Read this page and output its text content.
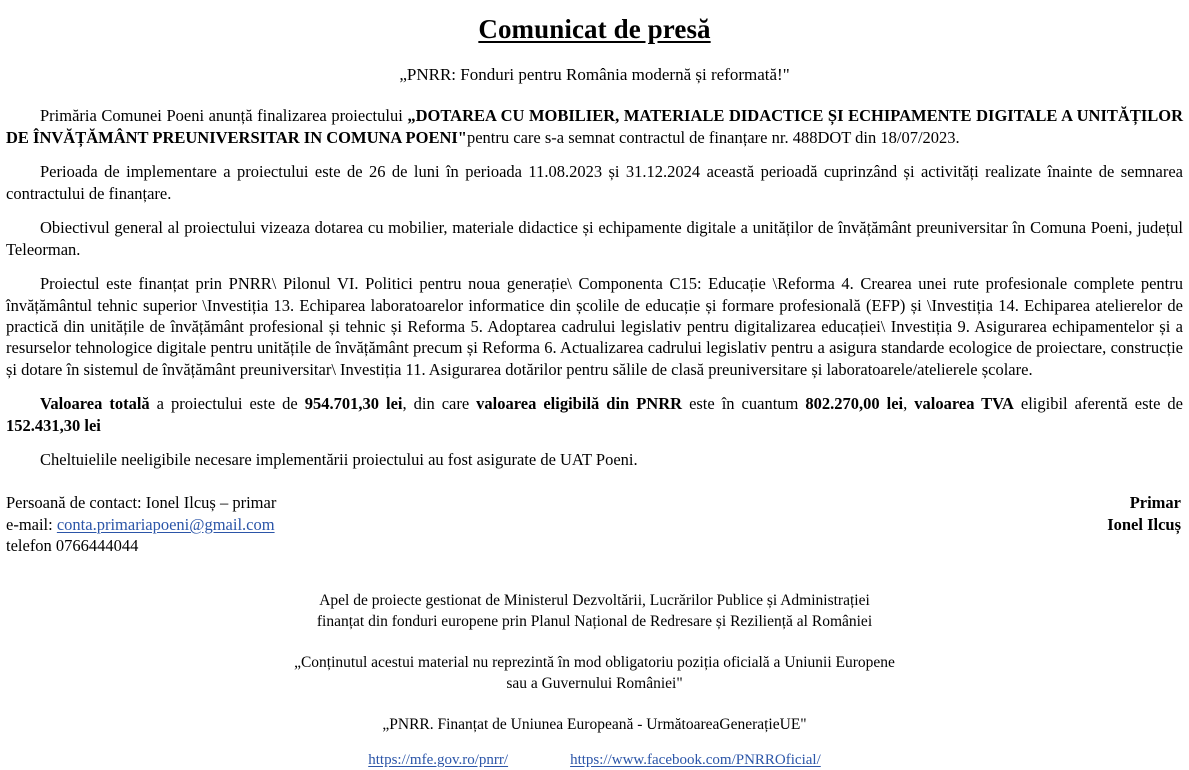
Comunicat de presă
„PNRR: Fonduri pentru România modernă și reformată!"

Primăria Comunei Poeni anunță finalizarea proiectului „DOTAREA CU MOBILIER, MATERIALE DIDACTICE ȘI ECHIPAMENTE DIGITALE A UNITĂȚILOR DE ÎNVĂȚĂMÂNT PREUNIVERSITAR IN COMUNA POENI"pentru care s-a semnat contractul de finanțare nr. 488DOT din 18/07/2023.

Perioada de implementare a proiectului este de 26 de luni în perioada 11.08.2023 și 31.12.2024 această perioadă cuprinzând și activități realizate înainte de semnarea contractului de finanțare.

Obiectivul general al proiectului vizeaza dotarea cu mobilier, materiale didactice și echipamente digitale a unităților de învățământ preuniversitar în Comuna Poeni, județul Teleorman.

Proiectul este finanțat prin PNRR\ Pilonul VI. Politici pentru noua generație\ Componenta C15: Educație \Reforma 4. Crearea unei rute profesionale complete pentru învățământul tehnic superior \Investiția 13. Echiparea laboratoarelor informatice din școlile de educație și formare profesională (EFP) și \Investiția 14. Echiparea atelierelor de practică din unitățile de învățământ profesional și tehnic și Reforma 5. Adoptarea cadrului legislativ pentru digitalizarea educației\ Investiția 9. Asigurarea echipamentelor și a resurselor tehnologice digitale pentru unitățile de învățământ precum și Reforma 6. Actualizarea cadrului legislativ pentru a asigura standarde ecologice de proiectare, construcție și dotare în sistemul de învățământ preuniversitar\ Investiția 11. Asigurarea dotărilor pentru sălile de clasă preuniversitare și laboratoarele/atelierele școlare.

Valoarea totală a proiectului este de 954.701,30 lei, din care valoarea eligibilă din PNRR este în cuantum 802.270,00 lei, valoarea TVA eligibil aferentă este de 152.431,30 lei

Cheltuielile neeligibile necesare implementării proiectului au fost asigurate de UAT Poeni.

Persoană de contact: Ionel Ilcuș – primar
e-mail: conta.primariapoeni@gmail.com
telefon 0766444044
Primar
Ionel Ilcuș
Apel de proiecte gestionat de Ministerul Dezvoltării, Lucrărilor Publice și Administrației
finanțat din fonduri europene prin Planul Național de Redresare și Reziliență al României
„Conținutul acestui material nu reprezintă în mod obligatoriu poziția oficială a Uniunii Europene
sau a Guvernului României"
„PNRR. Finanțat de Uniunea Europeană - UrmătoareaGenerațieUE"
https://mfe.gov.ro/pnrr/	https://www.facebook.com/PNRROficial/
